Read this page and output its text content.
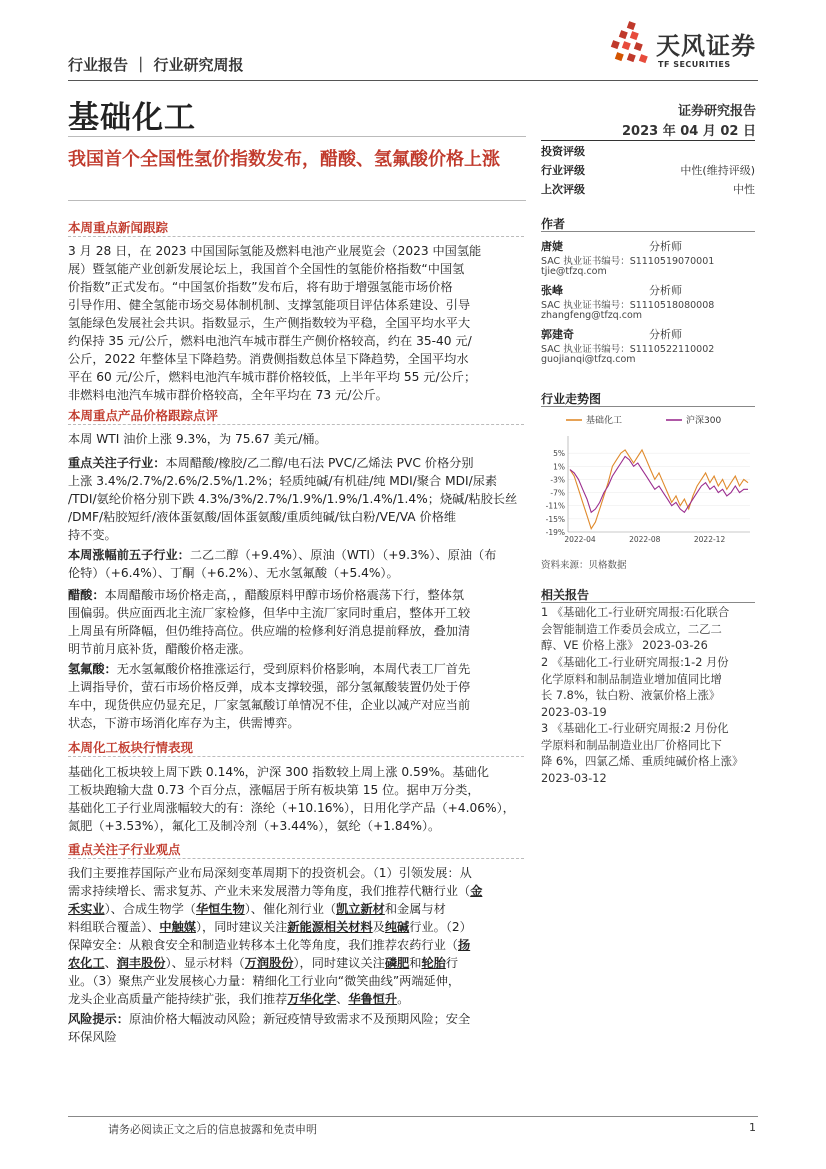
天风证券
TF SECURITIES
行业报告 ｜ 行业研究周报
基础化工	证券研究报告
2023 年 04 月 02 日
我国首个全国性氢价指数发布，醋酸、氢氟酸价格上涨
本周重点新闻跟踪
3 月 28 日，在 2023 中国国际氢能及燃料电池产业展览会（2023 中国氢能
展）暨氢能产业创新发展论坛上，我国首个全国性的氢能价格指数“中国氢
价指数”正式发布。“中国氢价指数”发布后，将有助于增强氢能市场价格
引导作用、健全氢能市场交易体制机制、支撑氢能项目评估体系建设、引导
氢能绿色发展社会共识。指数显示，生产侧指数较为平稳，全国平均水平大
约保持 35 元/公斤，燃料电池汽车城市群生产侧价格较高，约在 35-40 元/
公斤，2022 年整体呈下降趋势。消费侧指数总体呈下降趋势，全国平均水
平在 60 元/公斤，燃料电池汽车城市群价格较低，上半年平均 55 元/公斤；
非燃料电池汽车城市群价格较高，全年平均在 73 元/公斤。
本周重点产品价格跟踪点评
本周 WTI 油价上涨 9.3%，为 75.67 美元/桶。
重点关注子行业：本周醋酸/橡胶/乙二醇/电石法 PVC/乙烯法 PVC 价格分别
上涨 3.4%/2.7%/2.6%/2.5%/1.2%；轻质纯碱/有机硅/纯 MDI/聚合 MDI/尿素
/TDI/氨纶价格分别下跌 4.3%/3%/2.7%/1.9%/1.9%/1.4%/1.4%；烧碱/粘胶长丝
/DMF/粘胶短纤/液体蛋氨酸/固体蛋氨酸/重质纯碱/钛白粉/VE/VA 价格维
持不变。
本周涨幅前五子行业：二乙二醇（+9.4%）、原油（WTI）（+9.3%）、原油（布
伦特）（+6.4%）、丁酮（+6.2%）、无水氢氟酸（+5.4%）。
醋酸：本周醋酸市场价格走高，，醋酸原料甲醇市场价格震荡下行，整体氛
围偏弱。供应面西北主流厂家检修，但华中主流厂家同时重启，整体开工较
上周虽有所降幅，但仍维持高位。供应端的检修利好消息提前释放，叠加清
明节前月底补货，醋酸价格走涨。
氢氟酸：无水氢氟酸价格推涨运行，受到原料价格影响，本周代表工厂首先
上调指导价，萤石市场价格反弹，成本支撑较强，部分氢氟酸装置仍处于停
车中，现货供应仍显充足，厂家氢氟酸订单情况不佳，企业以减产对应当前
状态，下游市场消化库存为主，供需博弈。
本周化工板块行情表现
基础化工板块较上周下跌 0.14%，沪深 300 指数较上周上涨 0.59%。基础化
工板块跑输大盘 0.73 个百分点，涨幅居于所有板块第 15 位。据申万分类，
基础化工子行业周涨幅较大的有：涤纶（+10.16%），日用化学产品（+4.06%），
氮肥（+3.53%），氟化工及制冷剂（+3.44%），氨纶（+1.84%）。
重点关注子行业观点
我们主要推荐国际产业布局深刻变革周期下的投资机会。（1）引领发展：从
需求持续增长、需求复苏、产业未来发展潜力等角度，我们推荐代糖行业（金
禾实业）、合成生物学（华恒生物）、催化剂行业（凯立新材和金属与材
料组联合覆盖）、中触媒），同时建议关注新能源相关材料及纯碱行业。（2）
保障安全：从粮食安全和制造业转移本土化等角度，我们推荐农药行业（扬
农化工、润丰股份）、显示材料（万润股份），同时建议关注磷肥和轮胎行
业。（3）聚焦产业发展核心力量：精细化工行业向“微笑曲线”两端延伸，
龙头企业高质量产能持续扩张，我们推荐万华化学、华鲁恒升。
风险提示：原油价格大幅波动风险；新冠疫情导致需求不及预期风险；安全
环保风险
投资评级
行业评级	中性(维持评级)
上次评级	中性
作者
唐婕	分析师
SAC 执业证书编号：S1110519070001
tjie@tfzq.com
张峰	分析师
SAC 执业证书编号：S1110518080008
zhangfeng@tfzq.com
郭建奇	分析师
SAC 执业证书编号：S1110522110002
guojianqi@tfzq.com
行业走势图
基础化工	沪深300
5%
1%
-3%
-7%
-11%
-15%
-19%
2022-04	2022-08	2022-12
资料来源：贝格数据
相关报告
1 《基础化工-行业研究周报:石化联合
会智能制造工作委员会成立，二乙二
醇、VE 价格上涨》 2023-03-26
2 《基础化工-行业研究周报:1-2 月份
化学原料和制品制造业增加值同比增
长 7.8%，钛白粉、液氯价格上涨》
2023-03-19
3 《基础化工-行业研究周报:2 月份化
学原料和制品制造业出厂价格同比下
降 6%，四氯乙烯、重质纯碱价格上涨》
2023-03-12
请务必阅读正文之后的信息披露和免责申明	1
